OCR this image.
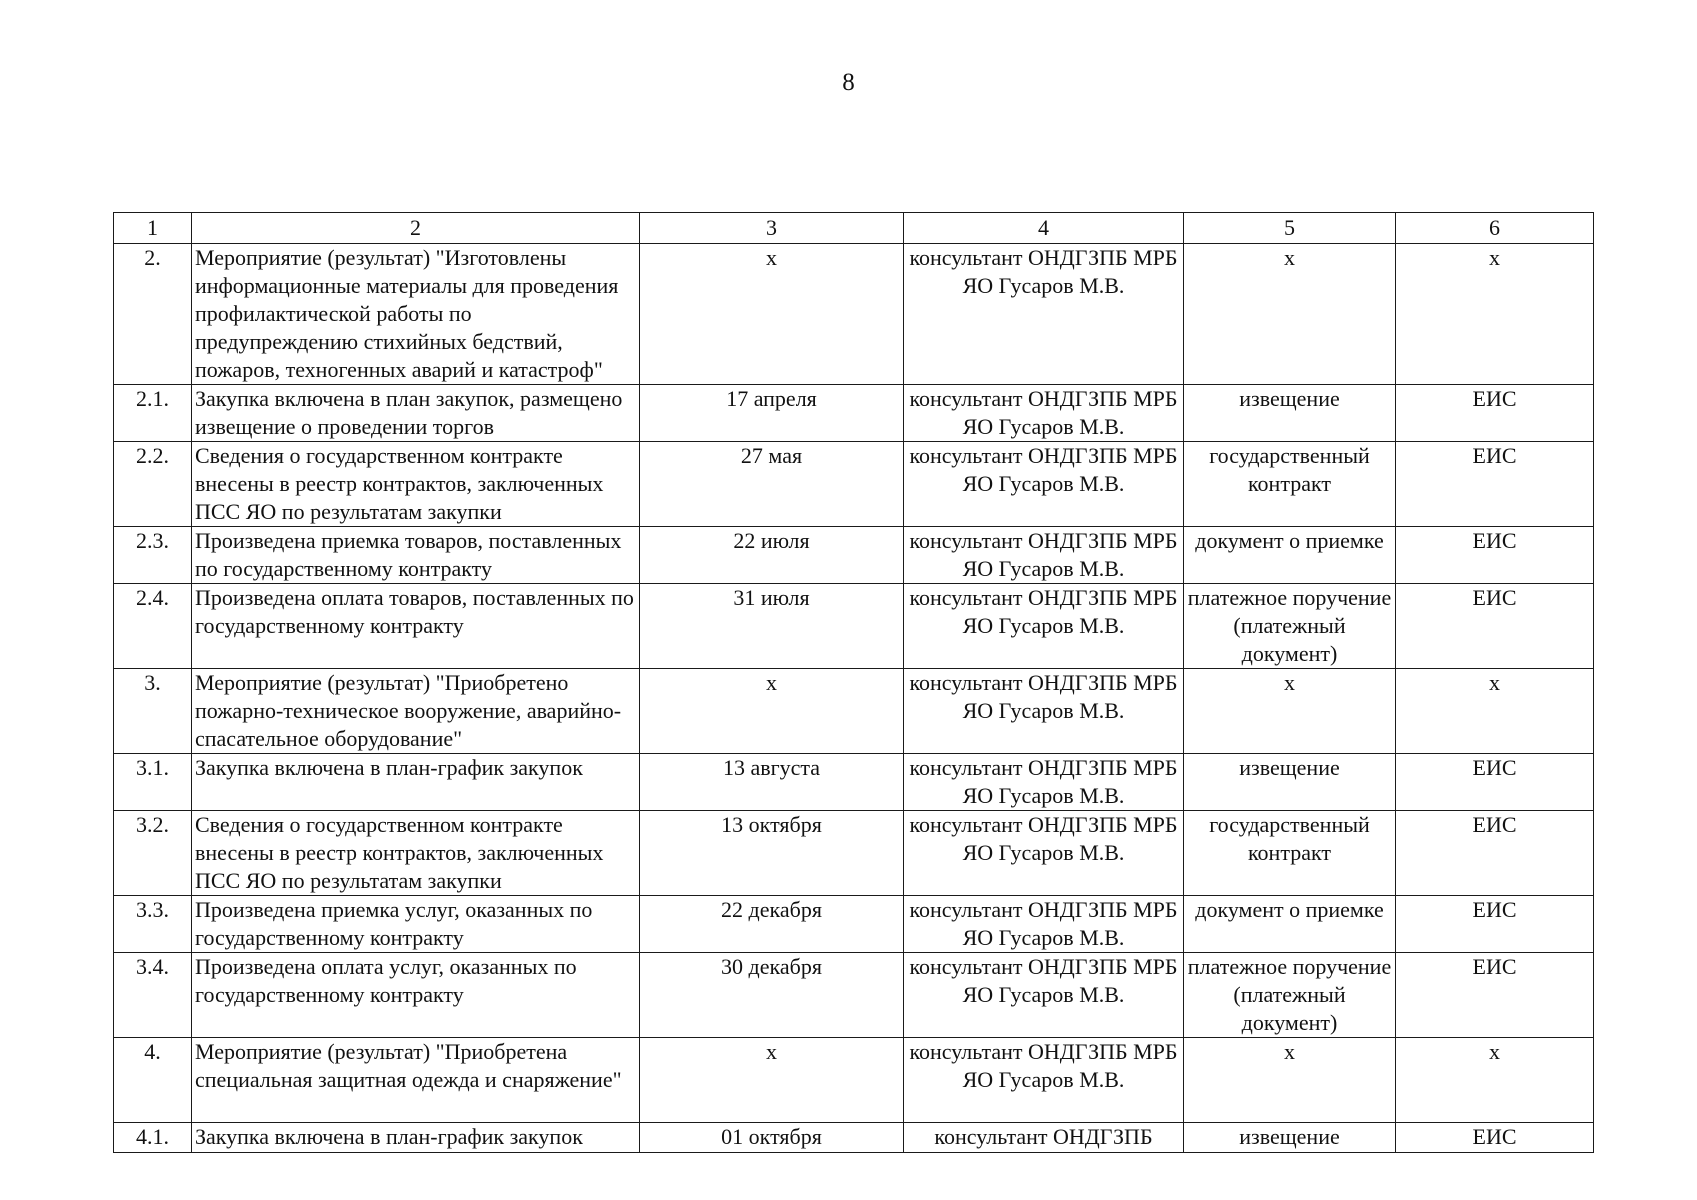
8
1	2	3	4	5	6
2.	Мероприятие (результат) "Изготовлены информационные материалы для проведения профилактической работы по предупреждению стихийных бедствий, пожаров, техногенных аварий и катастроф"	х	консультант ОНДГЗПБ МРБ ЯО Гусаров М.В.	х	х
2.1.	Закупка включена в план закупок, размещено извещение о проведении торгов	17 апреля	консультант ОНДГЗПБ МРБ ЯО Гусаров М.В.	извещение	ЕИС
2.2.	Сведения о государственном контракте внесены в реестр контрактов, заключенных ПСС ЯО по результатам закупки	27 мая	консультант ОНДГЗПБ МРБ ЯО Гусаров М.В.	государственный контракт	ЕИС
2.3.	Произведена приемка товаров, поставленных по государственному контракту	22 июля	консультант ОНДГЗПБ МРБ ЯО Гусаров М.В.	документ о приемке	ЕИС
2.4.	Произведена оплата товаров, поставленных по государственному контракту	31 июля	консультант ОНДГЗПБ МРБ ЯО Гусаров М.В.	платежное поручение (платежный документ)	ЕИС
3.	Мероприятие (результат) "Приобретено пожарно-техническое вооружение, аварийно-спасательное оборудование"	х	консультант ОНДГЗПБ МРБ ЯО Гусаров М.В.	х	х
3.1.	Закупка включена в план-график закупок	13 августа	консультант ОНДГЗПБ МРБ ЯО Гусаров М.В.	извещение	ЕИС
3.2.	Сведения о государственном контракте внесены в реестр контрактов, заключенных ПСС ЯО по результатам закупки	13 октября	консультант ОНДГЗПБ МРБ ЯО Гусаров М.В.	государственный контракт	ЕИС
3.3.	Произведена приемка услуг, оказанных по государственному контракту	22 декабря	консультант ОНДГЗПБ МРБ ЯО Гусаров М.В.	документ о приемке	ЕИС
3.4.	Произведена оплата услуг, оказанных по государственному контракту	30 декабря	консультант ОНДГЗПБ МРБ ЯО Гусаров М.В.	платежное поручение (платежный документ)	ЕИС
4.	Мероприятие (результат) "Приобретена специальная защитная одежда и снаряжение"	х	консультант ОНДГЗПБ МРБ ЯО Гусаров М.В.	х	х
4.1.	Закупка включена в план-график закупок	01 октября	консультант ОНДГЗПБ	извещение	ЕИС
